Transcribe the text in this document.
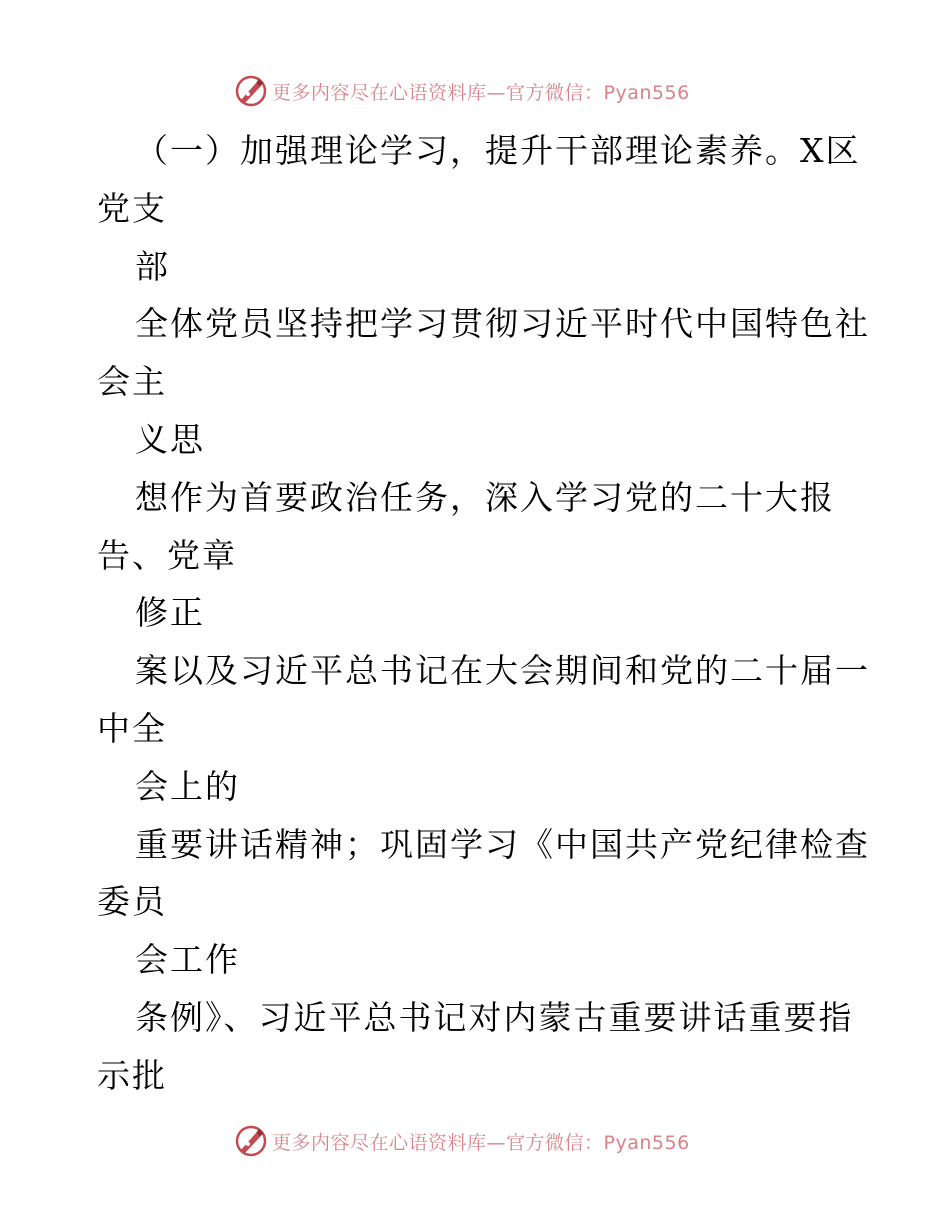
更多内容尽在心语资料库—官方微信：Pyan556
（一）加强理论学习，提升干部理论素养。X区
党支
部
全体党员坚持把学习贯彻习近平时代中国特色社
会主
义思
想作为首要政治任务，深入学习党的二十大报
告、党章
修正
案以及习近平总书记在大会期间和党的二十届一
中全
会上的
重要讲话精神；巩固学习《中国共产党纪律检查
委员
会工作
条例》、习近平总书记对内蒙古重要讲话重要指
示批
更多内容尽在心语资料库—官方微信：Pyan556
